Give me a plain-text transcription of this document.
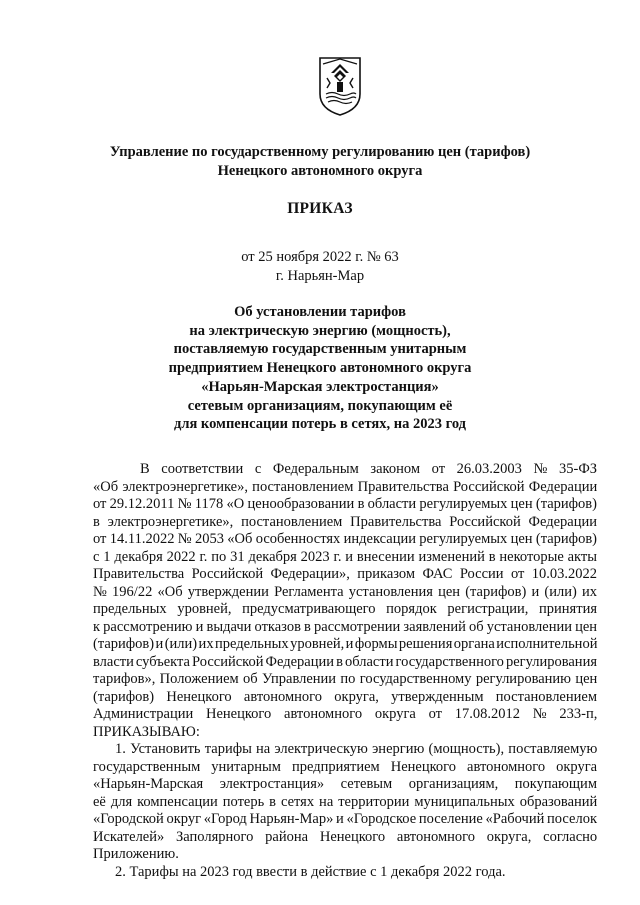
Управление по государственному регулированию цен (тарифов)
Ненецкого автономного округа
ПРИКАЗ
от 25 ноября 2022 г. № 63
г. Нарьян-Мар
Об установлении тарифов
на электрическую энергию (мощность),
поставляемую государственным унитарным
предприятием Ненецкого автономного округа
«Нарьян-Марская электростанция»
сетевым организациям, покупающим её
для компенсации потерь в сетях, на 2023 год
В соответствии с Федеральным законом от 26.03.2003 № 35-ФЗ
«Об электроэнергетике», постановлением Правительства Российской Федерации
от 29.12.2011 № 1178 «О ценообразовании в области регулируемых цен (тарифов)
в электроэнергетике», постановлением Правительства Российской Федерации
от 14.11.2022 № 2053 «Об особенностях индексации регулируемых цен (тарифов)
с 1 декабря 2022 г. по 31 декабря 2023 г. и внесении изменений в некоторые акты
Правительства Российской Федерации», приказом ФАС России от 10.03.2022
№ 196/22 «Об утверждении Регламента установления цен (тарифов) и (или) их
предельных уровней, предусматривающего порядок регистрации, принятия
к рассмотрению и выдачи отказов в рассмотрении заявлений об установлении цен
(тарифов) и (или) их предельных уровней, и формы решения органа исполнительной
власти субъекта Российской Федерации в области государственного регулирования
тарифов», Положением об Управлении по государственному регулированию цен
(тарифов) Ненецкого автономного округа, утвержденным постановлением
Администрации Ненецкого автономного округа от 17.08.2012 № 233-п,
ПРИКАЗЫВАЮ:
1. Установить тарифы на электрическую энергию (мощность), поставляемую
государственным унитарным предприятием Ненецкого автономного округа
«Нарьян-Марская электростанция» сетевым организациям, покупающим
её для компенсации потерь в сетях на территории муниципальных образований
«Городской округ «Город Нарьян-Мар» и «Городское поселение «Рабочий поселок
Искателей» Заполярного района Ненецкого автономного округа, согласно
Приложению.

2. Тарифы на 2023 год ввести в действие с 1 декабря 2022 года.
